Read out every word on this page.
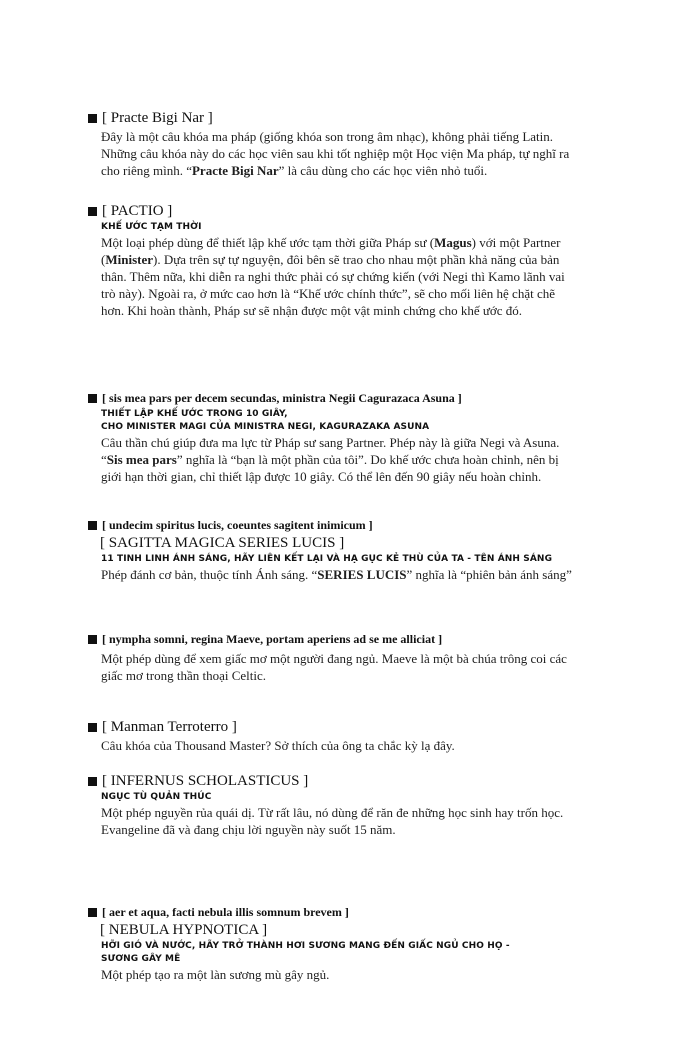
[ Practe Bigi Nar ]
Đây là một câu khóa ma pháp (giống khóa son trong âm nhạc), không phải tiếng Latin.
Những câu khóa này do các học viên sau khi tốt nghiệp một Học viện Ma pháp, tự nghĩ ra
cho riêng mình. “Practe Bigi Nar” là câu dùng cho các học viên nhỏ tuổi.
[ PACTIO ]
KHẾ ƯỚC TẠM THỜI
Một loại phép dùng để thiết lập khế ước tạm thời giữa Pháp sư (Magus) với một Partner
(Minister). Dựa trên sự tự nguyện, đôi bên sẽ trao cho nhau một phần khả năng của bản
thân. Thêm nữa, khi diễn ra nghi thức phải có sự chứng kiến (với Negi thì Kamo lãnh vai
trò này). Ngoài ra, ở mức cao hơn là “Khế ước chính thức”, sẽ cho mối liên hệ chặt chẽ
hơn. Khi hoàn thành, Pháp sư sẽ nhận được một vật minh chứng cho khế ước đó.
[ sis mea pars per decem secundas, ministra Negii Cagurazaca Asuna ]
THIẾT LẬP KHẾ ƯỚC TRONG 10 GIÂY,
CHO MINISTER MAGI CỦA MINISTRA NEGI, KAGURAZAKA ASUNA
Câu thần chú giúp đưa ma lực từ Pháp sư sang Partner. Phép này là giữa Negi và Asuna.
“Sis mea pars” nghĩa là “bạn là một phần của tôi”. Do khế ước chưa hoàn chỉnh, nên bị
giới hạn thời gian, chỉ thiết lập được 10 giây. Có thể lên đến 90 giây nếu hoàn chỉnh.
[ undecim spiritus lucis, coeuntes sagitent inimicum ]
[ SAGITTA MAGICA SERIES LUCIS ]
11 TINH LINH ÁNH SÁNG, HÃY LIÊN KẾT LẠI VÀ HẠ GỤC KẺ THÙ CỦA TA - TÊN ÁNH SÁNG
Phép đánh cơ bản, thuộc tính Ánh sáng. “SERIES LUCIS” nghĩa là “phiên bản ánh sáng”
[ nympha somni, regina Maeve, portam aperiens ad se me alliciat ]
Một phép dùng để xem giấc mơ một người đang ngủ. Maeve là một bà chúa trông coi các
giấc mơ trong thần thoại Celtic.
[ Manman Terroterro ]
Câu khóa của Thousand Master? Sở thích của ông ta chắc kỳ lạ đây.
[ INFERNUS SCHOLASTICUS ]
NGỤC TÙ QUẢN THÚC
Một phép nguyền rủa quái dị. Từ rất lâu, nó dùng để răn đe những học sinh hay trốn học.
Evangeline đã và đang chịu lời nguyền này suốt 15 năm.
[ aer et aqua, facti nebula illis somnum brevem ]
[ NEBULA HYPNOTICA ]
HỠI GIÓ VÀ NƯỚC, HÃY TRỞ THÀNH HƠI SƯƠNG MANG ĐẾN GIẤC NGỦ CHO HỌ -
SƯƠNG GÂY MÊ
Một phép tạo ra một làn sương mù gây ngủ.
